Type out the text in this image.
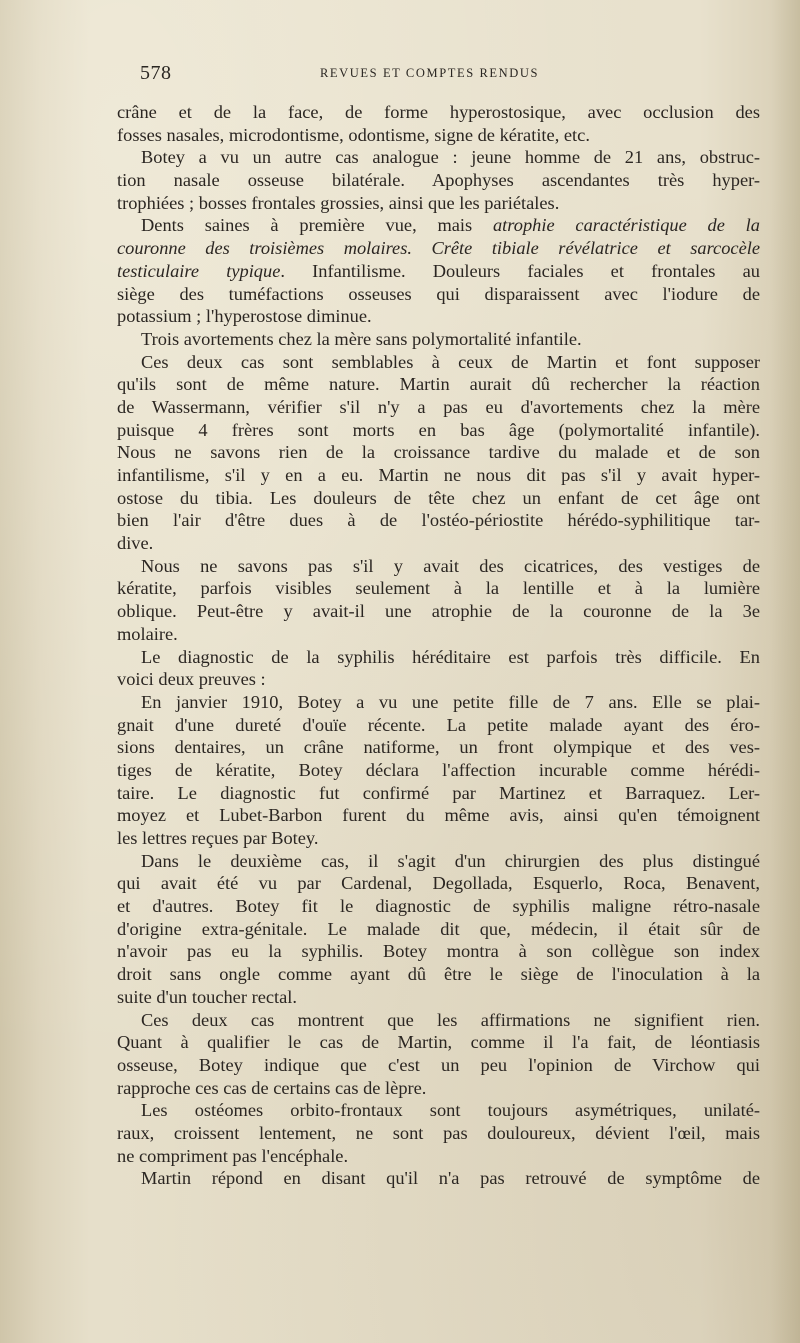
578	REVUES ET COMPTES RENDUS
crâne et de la face, de forme hyperostosique, avec occlusion des
fosses nasales, microdontisme, odontisme, signe de kératite, etc.
Botey a vu un autre cas analogue : jeune homme de 21 ans, obstruc-
tion nasale osseuse bilatérale. Apophyses ascendantes très hyper-
trophiées ; bosses frontales grossies, ainsi que les pariétales.
Dents saines à première vue, mais atrophie caractéristique de la
couronne des troisièmes molaires. Crête tibiale révélatrice et sarcocèle
testiculaire typique. Infantilisme. Douleurs faciales et frontales au
siège des tuméfactions osseuses qui disparaissent avec l'iodure de
potassium ; l'hyperostose diminue.
Trois avortements chez la mère sans polymortalité infantile.
Ces deux cas sont semblables à ceux de Martin et font supposer
qu'ils sont de même nature. Martin aurait dû rechercher la réaction
de Wassermann, vérifier s'il n'y a pas eu d'avortements chez la mère
puisque 4 frères sont morts en bas âge (polymortalité infantile).
Nous ne savons rien de la croissance tardive du malade et de son
infantilisme, s'il y en a eu. Martin ne nous dit pas s'il y avait hyper-
ostose du tibia. Les douleurs de tête chez un enfant de cet âge ont
bien l'air d'être dues à de l'ostéo-périostite hérédo-syphilitique tar-
dive.
Nous ne savons pas s'il y avait des cicatrices, des vestiges de
kératite, parfois visibles seulement à la lentille et à la lumière
oblique. Peut-être y avait-il une atrophie de la couronne de la 3e
molaire.
Le diagnostic de la syphilis héréditaire est parfois très difficile. En
voici deux preuves :
En janvier 1910, Botey a vu une petite fille de 7 ans. Elle se plai-
gnait d'une dureté d'ouïe récente. La petite malade ayant des éro-
sions dentaires, un crâne natiforme, un front olympique et des ves-
tiges de kératite, Botey déclara l'affection incurable comme hérédi-
taire. Le diagnostic fut confirmé par Martinez et Barraquez. Ler-
moyez et Lubet-Barbon furent du même avis, ainsi qu'en témoignent
les lettres reçues par Botey.
Dans le deuxième cas, il s'agit d'un chirurgien des plus distingué
qui avait été vu par Cardenal, Degollada, Esquerlo, Roca, Benavent,
et d'autres. Botey fit le diagnostic de syphilis maligne rétro-nasale
d'origine extra-génitale. Le malade dit que, médecin, il était sûr de
n'avoir pas eu la syphilis. Botey montra à son collègue son index
droit sans ongle comme ayant dû être le siège de l'inoculation à la
suite d'un toucher rectal.
Ces deux cas montrent que les affirmations ne signifient rien.
Quant à qualifier le cas de Martin, comme il l'a fait, de léontiasis
osseuse, Botey indique que c'est un peu l'opinion de Virchow qui
rapproche ces cas de certains cas de lèpre.
Les ostéomes orbito-frontaux sont toujours asymétriques, unilaté-
raux, croissent lentement, ne sont pas douloureux, dévient l'œil, mais
ne compriment pas l'encéphale.
Martin répond en disant qu'il n'a pas retrouvé de symptôme de
